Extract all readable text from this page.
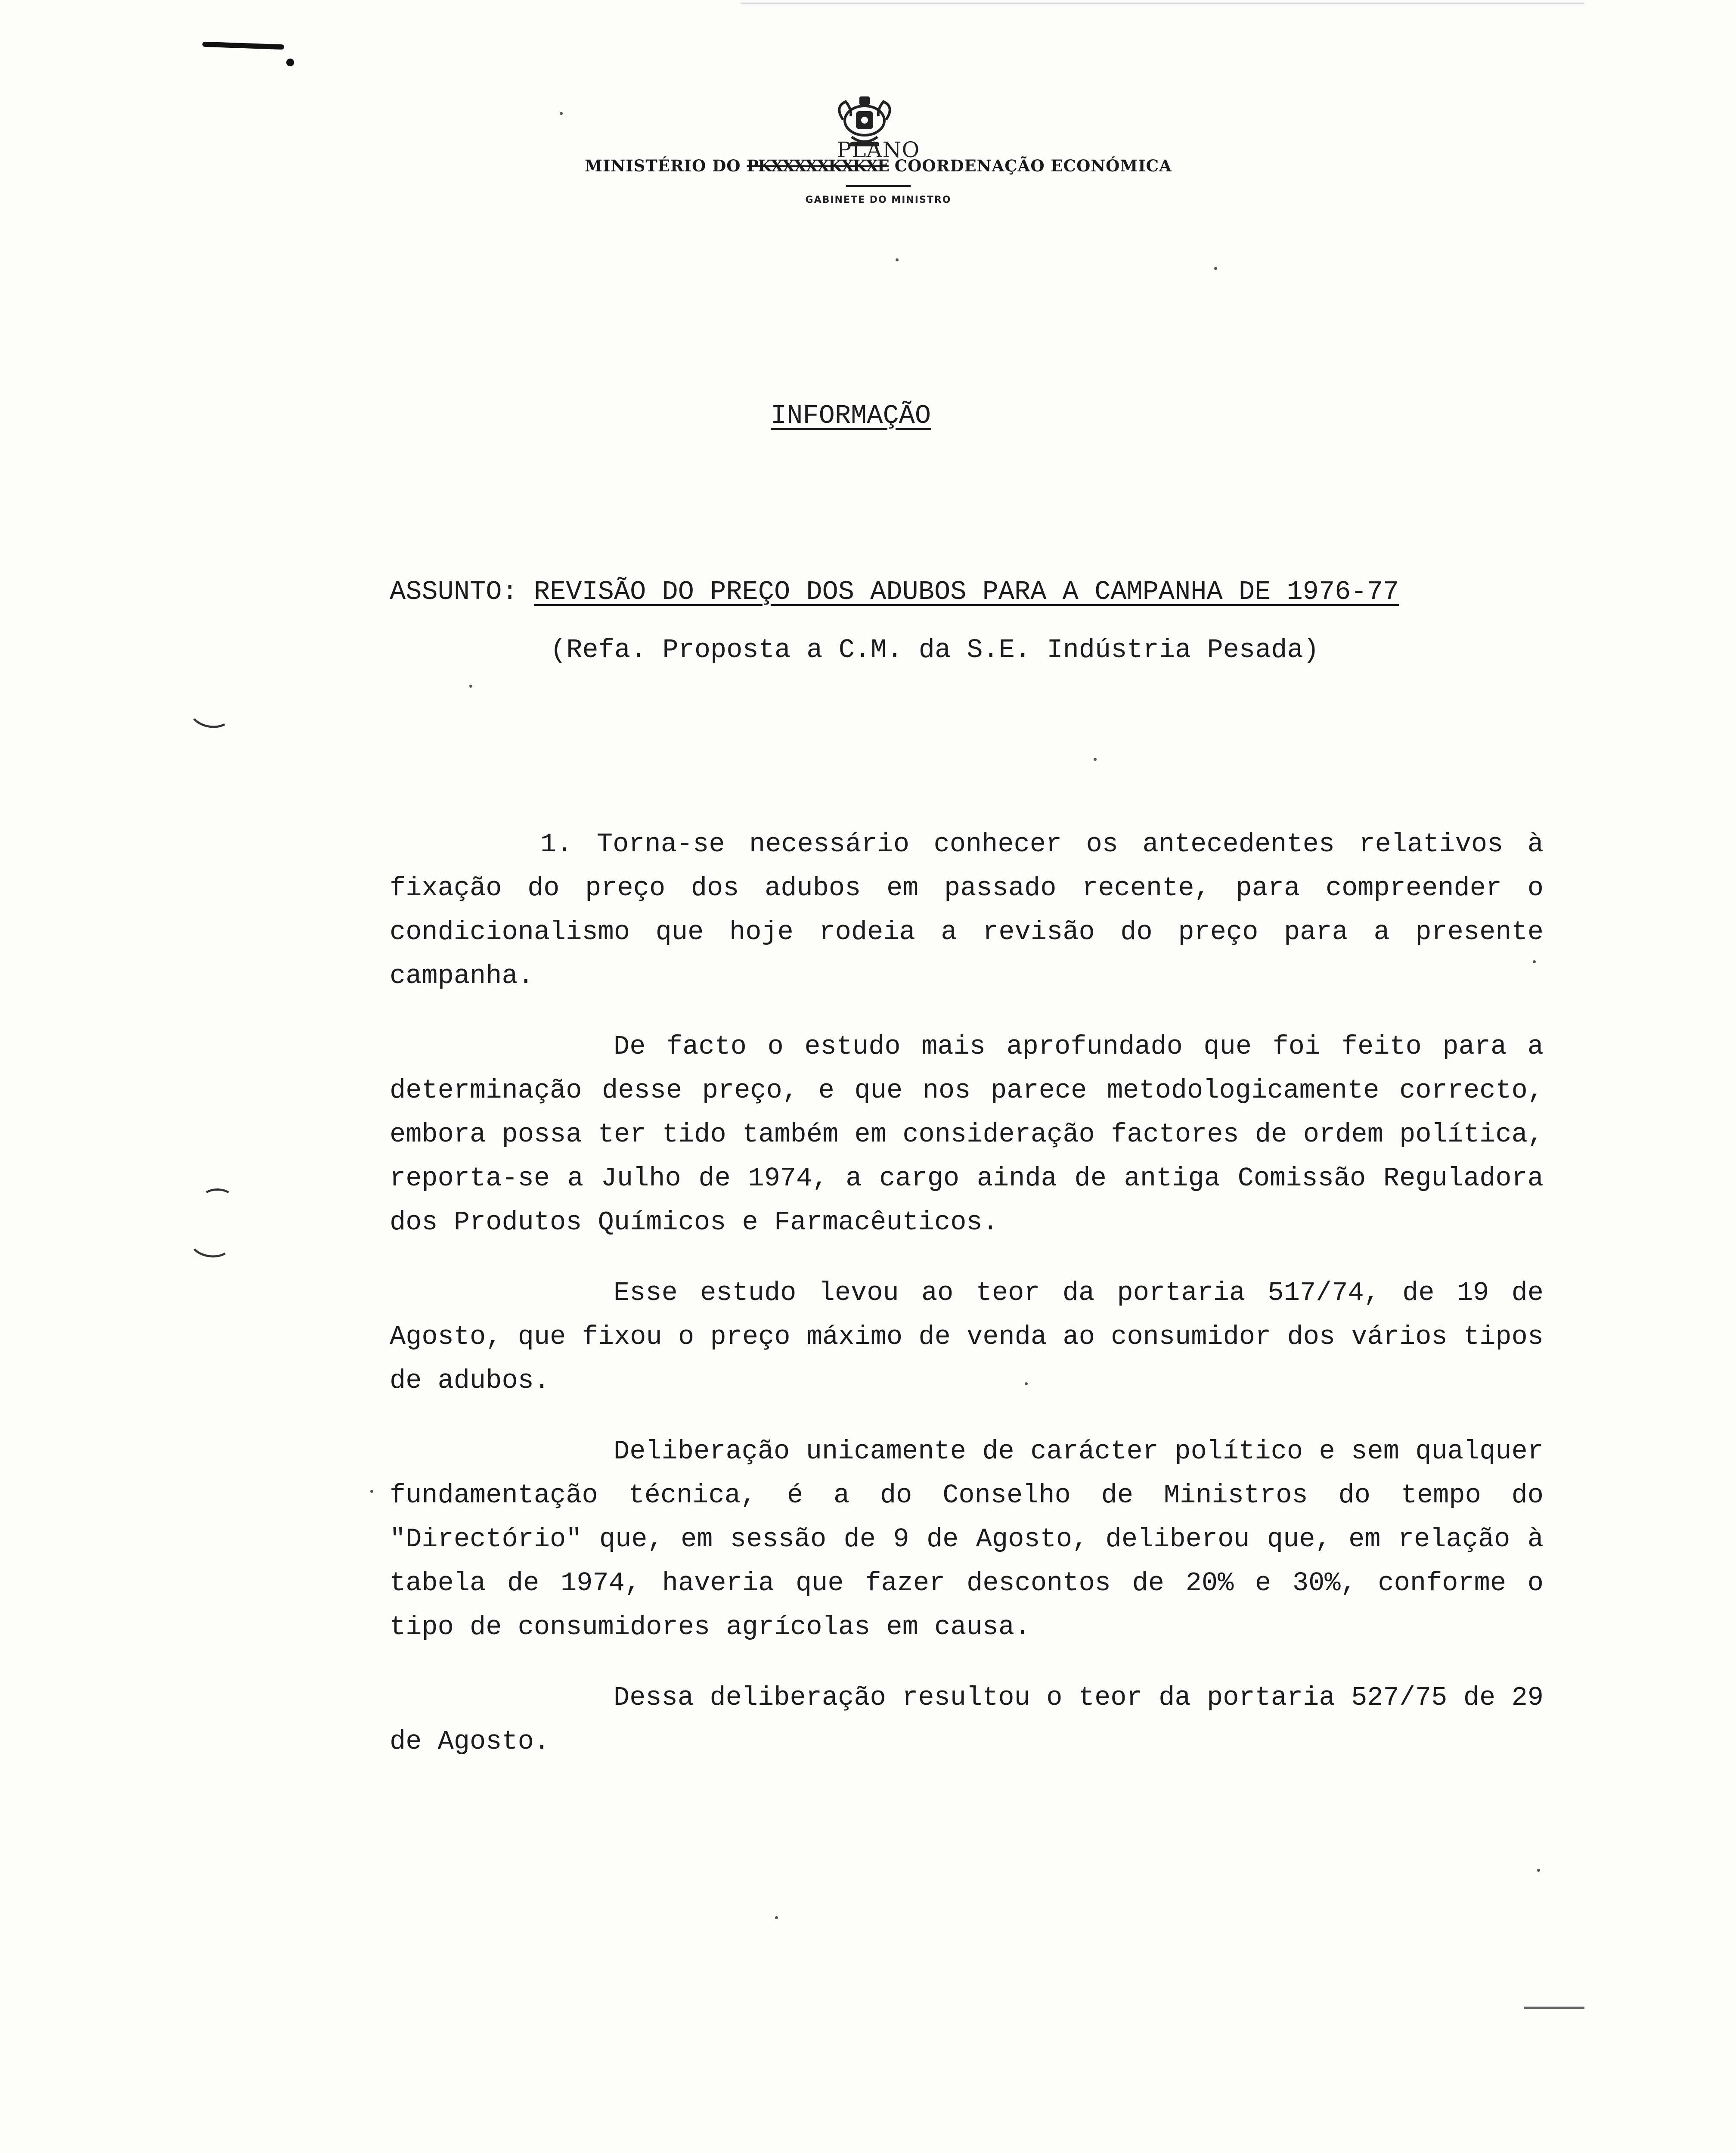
PLANO
MINISTÉRIO DO PKXXXXXKXKXE COORDENAÇÃO ECONÓMICA
GABINETE DO MINISTRO
INFORMAÇÃO
ASSUNTO: REVISÃO DO PREÇO DOS ADUBOS PARA A CAMPANHA DE 1976-77
(Refa. Proposta a C.M. da S.E. Indústria Pesada)

1. Torna-se necessário conhecer os antecedentes relativos à fixação do preço dos adubos em passado recente, para compreender o condicionalismo que hoje rodeia a revisão do preço para a presente campanha.

De facto o estudo mais aprofundado que foi feito para a determinação desse preço, e que nos parece metodologicamente correcto, embora possa ter tido também em consideração factores de ordem política, reporta-se a Julho de 1974, a cargo ainda de antiga Comissão Reguladora dos Produtos Químicos e Farmacêuticos.

Esse estudo levou ao teor da portaria 517/74, de 19 de Agosto, que fixou o preço máximo de venda ao consumidor dos vários tipos de adubos.

Deliberação unicamente de carácter político e sem qualquer fundamentação técnica, é a do Conselho de Ministros do tempo do "Directório" que, em sessão de 9 de Agosto, deliberou que, em relação à tabela de 1974, haveria que fazer descontos de 20% e 30%, conforme o tipo de consumidores agrícolas em causa.

Dessa deliberação resultou o teor da portaria 527/75 de 29 de Agosto.
